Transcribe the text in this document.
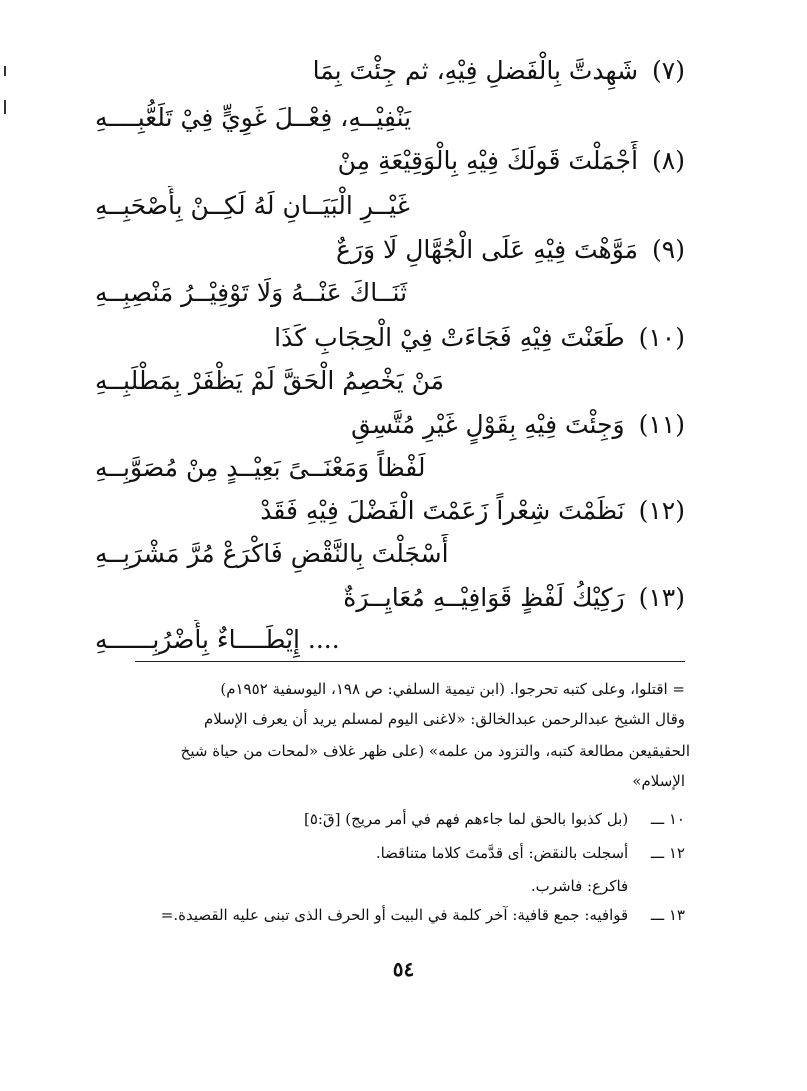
(٧)شَهِدتَّ بِالْفَضلِ فِيْهِ، ثم جِئْتَ بِمَا
يَنْفِيْــهِ، فِعْــلَ غَوِيٍّ فِيْ تَلَعُّبِــــهِ
(٨)أَجْمَلْتَ قَولَكَ فِيْهِ بِالْوَقِيْعَةِ مِنْ
غَيْــرِ الْبَيَــانِ لَهُ لَكِــنْ بِأَصْحَبِــهِ
(٩)مَوَّهْتَ فِيْهِ عَلَى الْجُهَّالِ لَا وَرَعٌ
ثَنَــاكَ عَنْــهُ وَلَا تَوْفِيْــرُ مَنْصِبِــهِ
(١٠)طَعَنْتَ فِيْهِ فَجَاءَتْ فِيْ الْحِجَابِ كَذَا
مَنْ يَخْصِمُ الْحَقَّ لَمْ يَظْفَرْ بِمَطْلَبِــهِ
(١١)وَجِئْتَ فِيْهِ بِقَوْلٍ غَيْرِ مُتَّسِقِ
لَفْظاً وَمَعْنَــىً بَعِيْــدٍ مِنْ مُصَوَّبِــهِ
(١٢)نَظَمْتَ شِعْراً زَعَمْتَ الْفَضْلَ فِيْهِ فَقَدْ
أَسْجَلْتَ بِالنَّقْضِ فَاكْرَعْ مُرَّ مَشْرَبِــهِ
(١٣)رَكِيْكُ لَفْظٍ قَوَافِيْــهِ مُعَايِــرَةٌ
.... إِيْطَــــاءٌ بِأَضْرُبِــــــهِ
= اقتلوا، وعلى كتبه تحرجوا. (ابن تيمية السلفي: ص ١٩٨، اليوسفية ١٩٥٢م)
وقال الشيخ عبدالرحمن عبدالخالق: «لاغنى اليوم لمسلم يريد أن يعرف الإسلام
الحقيقيعن مطالعة كتبه، والتزود من علمه» (على ظهر غلاف «لمحات من حياة شيخ
الإسلام»
١٠ ـــ (بل كذبوا بالحق لما جاءهم فهم في أمر مريج) [قٓ:٥]
١٢ ـــ أسجلت بالنقض: أى قدَّمتَ كلاما متناقضا.
فاكرع: فاشرب.
١٣ ـــ قوافيه: جمع قافية: آخر كلمة في البيت أو الحرف الذى تبنى عليه القصيدة.=
٥٤
